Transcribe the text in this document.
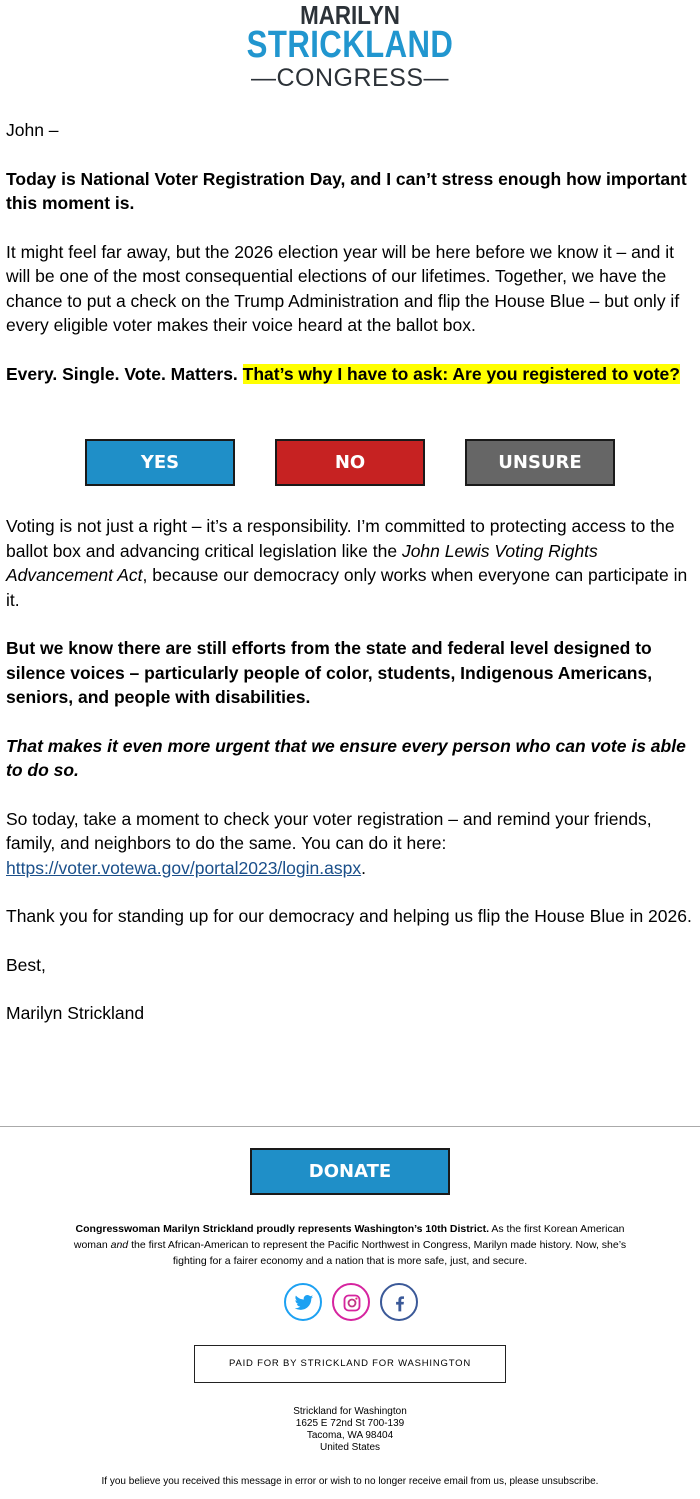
MARILYN
STRICKLAND
—CONGRESS—

John –

Today is National Voter Registration Day, and I can’t stress enough how important this moment is.

It might feel far away, but the 2026 election year will be here before we know it – and it will be one of the most consequential elections of our lifetimes. Together, we have the chance to put a check on the Trump Administration and flip the House Blue – but only if every eligible voter makes their voice heard at the ballot box.

Every. Single. Vote. Matters. That’s why I have to ask: Are you registered to vote?

YES	NO	UNSURE

Voting is not just a right – it’s a responsibility. I’m committed to protecting access to the ballot box and advancing critical legislation like the John Lewis Voting Rights Advancement Act, because our democracy only works when everyone can participate in it.

But we know there are still efforts from the state and federal level designed to silence voices – particularly people of color, students, Indigenous Americans, seniors, and people with disabilities.

That makes it even more urgent that we ensure every person who can vote is able to do so.

So today, take a moment to check your voter registration – and remind your friends, family, and neighbors to do the same. You can do it here: https://voter.votewa.gov/portal2023/login.aspx.

Thank you for standing up for our democracy and helping us flip the House Blue in 2026.

Best,

Marilyn Strickland

DONATE
Congresswoman Marilyn Strickland proudly represents Washington’s 10th District. As the first Korean American woman and the first African-American to represent the Pacific Northwest in Congress, Marilyn made history. Now, she’s fighting for a fairer economy and a nation that is more safe, just, and secure.
PAID FOR BY STRICKLAND FOR WASHINGTON
Strickland for Washington
1625 E 72nd St 700-139
Tacoma, WA 98404
United States
If you believe you received this message in error or wish to no longer receive email from us, please unsubscribe.
